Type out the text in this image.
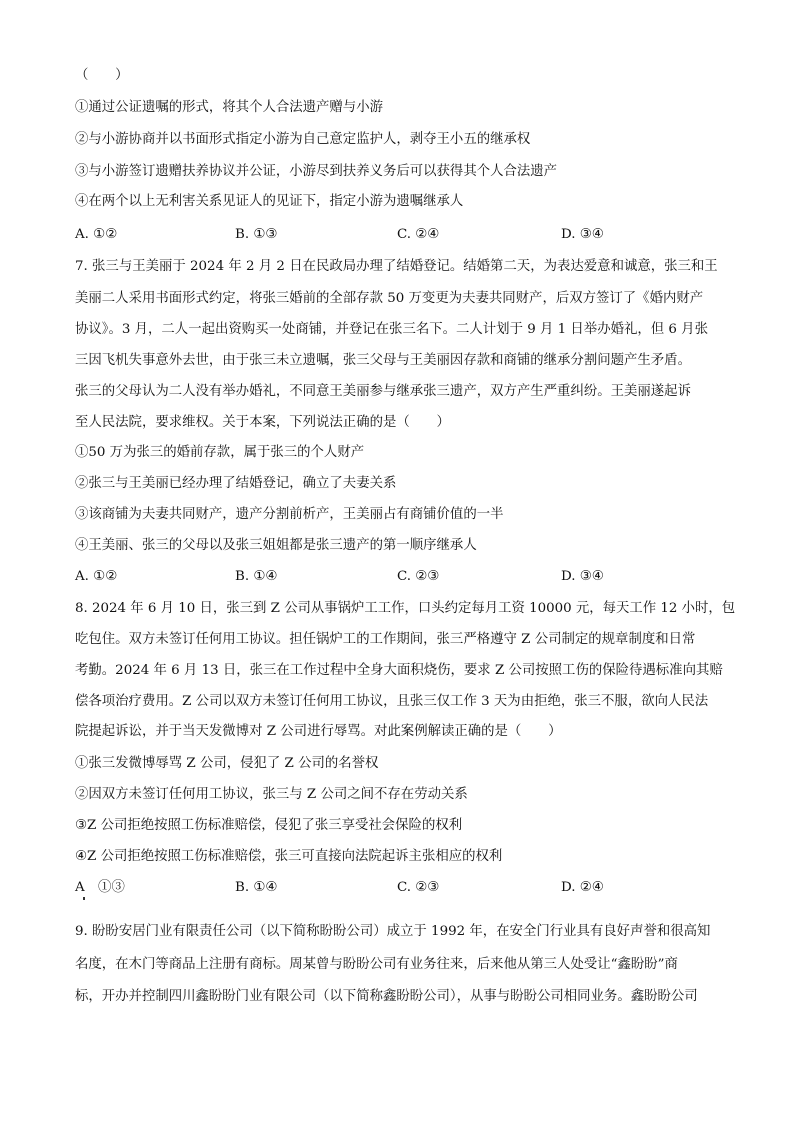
（　　）
①通过公证遗嘱的形式，将其个人合法遗产赠与小游
②与小游协商并以书面形式指定小游为自己意定监护人，剥夺王小五的继承权
③与小游签订遗赠扶养协议并公证，小游尽到扶养义务后可以获得其个人合法遗产
④在两个以上无利害关系见证人的见证下，指定小游为遗嘱继承人
A. ①②	B. ①③	C. ②④	D. ③④
7. 张三与王美丽于 2024 年 2 月 2 日在民政局办理了结婚登记。结婚第二天，为表达爱意和诚意，张三和王
美丽二人采用书面形式约定，将张三婚前的全部存款 50 万变更为夫妻共同财产，后双方签订了《婚内财产
协议》。3 月，二人一起出资购买一处商铺，并登记在张三名下。二人计划于 9 月 1 日举办婚礼，但 6 月张
三因飞机失事意外去世，由于张三未立遗嘱，张三父母与王美丽因存款和商铺的继承分割问题产生矛盾。
张三的父母认为二人没有举办婚礼，不同意王美丽参与继承张三遗产，双方产生严重纠纷。王美丽遂起诉
至人民法院，要求维权。关于本案，下列说法正确的是（　　）
①50 万为张三的婚前存款，属于张三的个人财产
②张三与王美丽已经办理了结婚登记，确立了夫妻关系
③该商铺为夫妻共同财产，遗产分割前析产，王美丽占有商铺价值的一半
④王美丽、张三的父母以及张三姐姐都是张三遗产的第一顺序继承人
A. ①②	B. ①④	C. ②③	D. ③④
8. 2024 年 6 月 10 日，张三到 Z 公司从事锅炉工工作，口头约定每月工资 10000 元，每天工作 12 小时，包
吃包住。双方未签订任何用工协议。担任锅炉工的工作期间，张三严格遵守 Z 公司制定的规章制度和日常
考勤。2024 年 6 月 13 日，张三在工作过程中全身大面积烧伤，要求 Z 公司按照工伤的保险待遇标准向其赔
偿各项治疗费用。Z 公司以双方未签订任何用工协议，且张三仅工作 3 天为由拒绝，张三不服，欲向人民法
院提起诉讼，并于当天发微博对 Z 公司进行辱骂。对此案例解读正确的是（　　）
①张三发微博辱骂 Z 公司，侵犯了 Z 公司的名誉权
②因双方未签订任何用工协议，张三与 Z 公司之间不存在劳动关系
③Z 公司拒绝按照工伤标准赔偿，侵犯了张三享受社会保险的权利
④Z 公司拒绝按照工伤标准赔偿，张三可直接向法院起诉主张相应的权利
A　①③	B. ①④	C. ②③	D. ②④
9. 盼盼安居门业有限责任公司（以下简称盼盼公司）成立于 1992 年，在安全门行业具有良好声誉和很高知
名度，在木门等商品上注册有商标。周某曾与盼盼公司有业务往来，后来他从第三人处受让“鑫盼盼”商
标，开办并控制四川鑫盼盼门业有限公司（以下简称鑫盼盼公司），从事与盼盼公司相同业务。鑫盼盼公司
